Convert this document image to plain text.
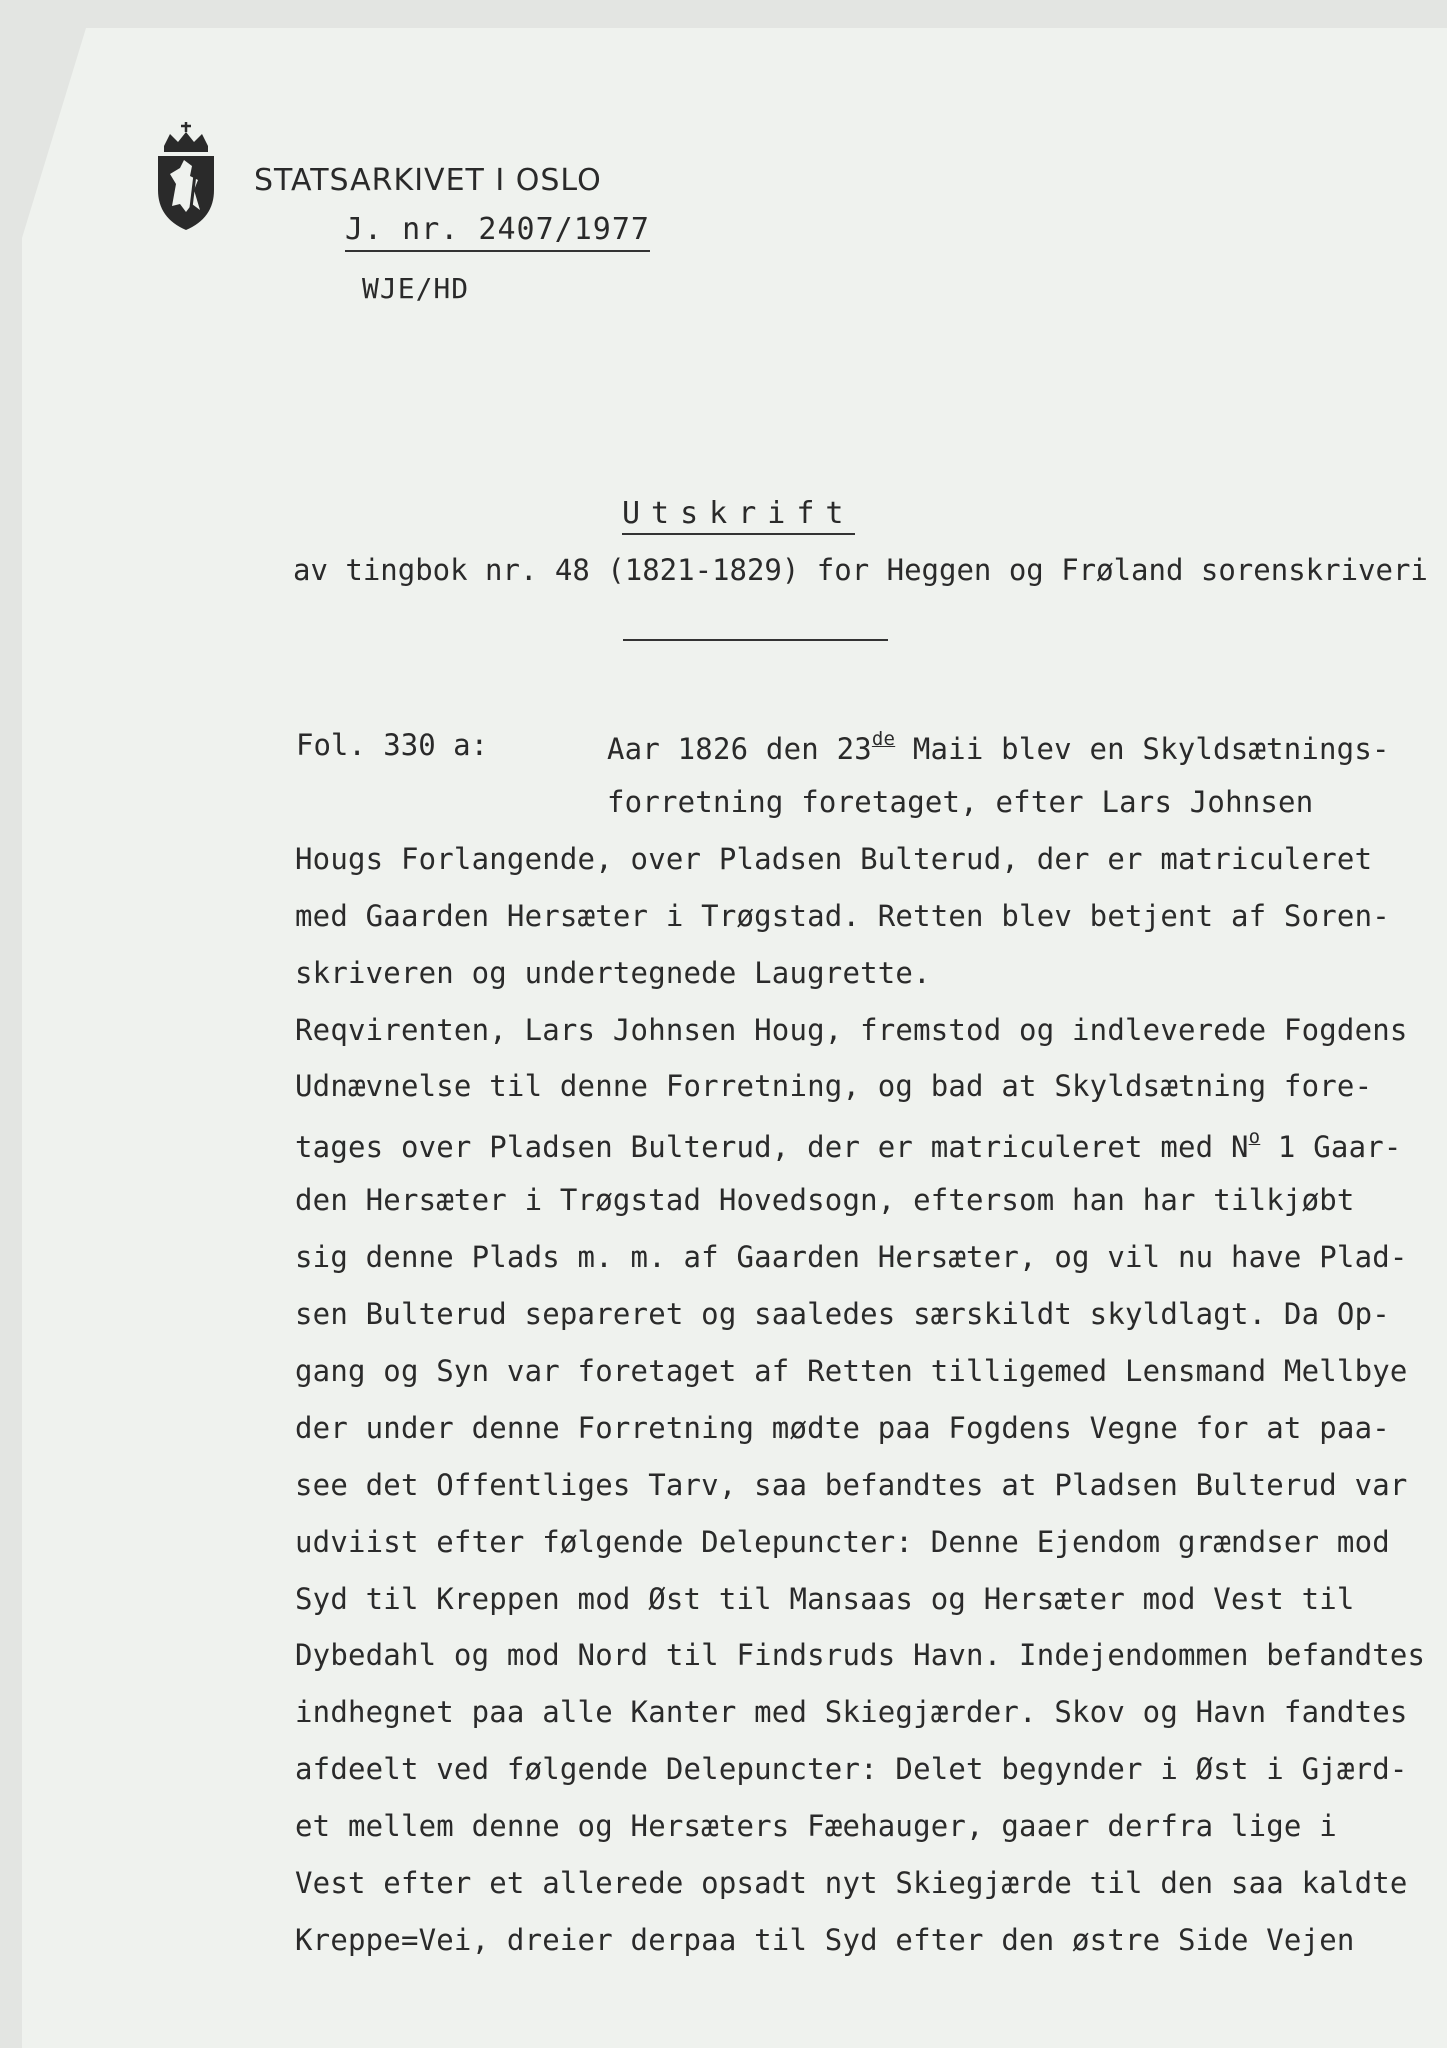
STATSARKIVET I OSLO
J. nr. 2407/1977
WJE/HD
Utskrift
av tingbok nr. 48 (1821-1829) for Heggen og Frøland sorenskriveri
Fol. 330 a:	Aar 1826 den 23de Maii blev en Skyldsætnings-
forretning foretaget, efter Lars Johnsen
Hougs Forlangende, over Pladsen Bulterud, der er matriculeret
med Gaarden Hersæter i Trøgstad. Retten blev betjent af Soren-
skriveren og undertegnede Laugrette.
Reqvirenten, Lars Johnsen Houg, fremstod og indleverede Fogdens
Udnævnelse til denne Forretning, og bad at Skyldsætning fore-
tages over Pladsen Bulterud, der er matriculeret med $N^o$ 1 Gaar-
den Hersæter i Trøgstad Hovedsogn, eftersom han har tilkjøbt
sig denne Plads m. m. af Gaarden Hersæter, og vil nu have Plad-
sen Bulterud separeret og saaledes særskildt skyldlagt. Da Op-
gang og Syn var foretaget af Retten tilligemed Lensmand Mellbye
der under denne Forretning mødte paa Fogdens Vegne for at paa-
see det Offentliges Tarv, saa befandtes at Pladsen Bulterud var
udviist efter følgende Delepuncter: Denne Ejendom grændser mod
Syd til Kreppen mod Øst til Mansaas og Hersæter mod Vest til
Dybedahl og mod Nord til Findsruds Havn. Indejendommen befandtes
indhegnet paa alle Kanter med Skiegjærder. Skov og Havn fandtes
afdeelt ved følgende Delepuncter: Delet begynder i Øst i Gjærd-
et mellem denne og Hersæters Fæehauger, gaaer derfra lige i
Vest efter et allerede opsadt nyt Skiegjærde til den saa kaldte
Kreppe=Vei, dreier derpaa til Syd efter den østre Side Vejen
